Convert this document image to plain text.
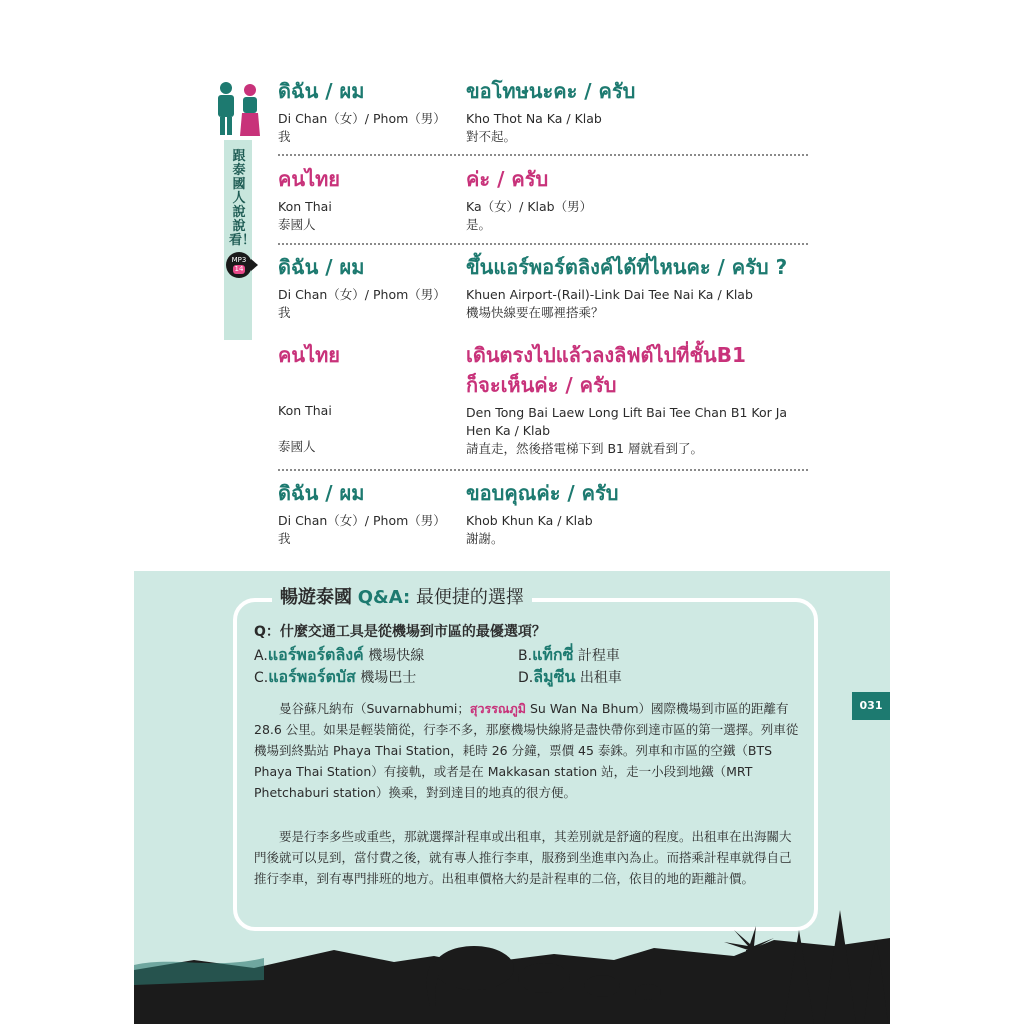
跟泰國人說說看！
MP3
14
ดิฉัน / ผม
Di Chan（女）/ Phom（男）
我
ขอโทษนะคะ / ครับ
Kho Thot Na Ka / Klab
對不起。
คนไทย
Kon Thai
泰國人
ค่ะ / ครับ
Ka（女）/ Klab（男）
是。
ดิฉัน / ผม
Di Chan（女）/ Phom（男）
我
ขึ้นแอร์พอร์ตลิงค์ได้ที่ไหนคะ / ครับ ?
Khuen Airport-(Rail)-Link Dai Tee Nai Ka / Klab
機場快線要在哪裡搭乘？
คนไทย
Kon Thai
泰國人
เดินตรงไปแล้วลงลิฟต์ไปที่ชั้นB1
ก็จะเห็นค่ะ / ครับ
Den Tong Bai Laew Long Lift Bai Tee Chan B1 Kor Ja
Hen Ka / Klab
請直走，然後搭電梯下到 B1 層就看到了。
ดิฉัน / ผม
Di Chan（女）/ Phom（男）
我
ขอบคุณค่ะ / ครับ
Khob Khun Ka / Klab
謝謝。
暢遊泰國 Q&A: 最便捷的選擇
Q：什麼交通工具是從機場到市區的最優選項？
A.แอร์พอร์ตลิงค์ 機場快線	B.แท็กซี่ 計程車
C.แอร์พอร์ตบัส 機場巴士	D.ลีมูซีน 出租車
曼谷蘇凡納布（Suvarnabhumi；สุวรรณภูมิ Su Wan Na Bhum）國際機場到市區的距離有 28.6 公里。如果是輕裝簡從，行李不多，那麼機場快線將是盡快帶你到達市區的第一選擇。列車從機場到終點站 Phaya Thai Station，耗時 26 分鐘，票價 45 泰銖。列車和市區的空鐵（BTS Phaya Thai Station）有接軌，或者是在 Makkasan station 站，走一小段到地鐵（MRT Phetchaburi station）換乘，對到達目的地真的很方便。
要是行李多些或重些，那就選擇計程車或出租車，其差別就是舒適的程度。出租車在出海關大門後就可以見到，當付費之後，就有專人推行李車，服務到坐進車內為止。而搭乘計程車就得自己推行李車，到有專門排班的地方。出租車價格大約是計程車的二倍，依目的地的距離計價。
031
